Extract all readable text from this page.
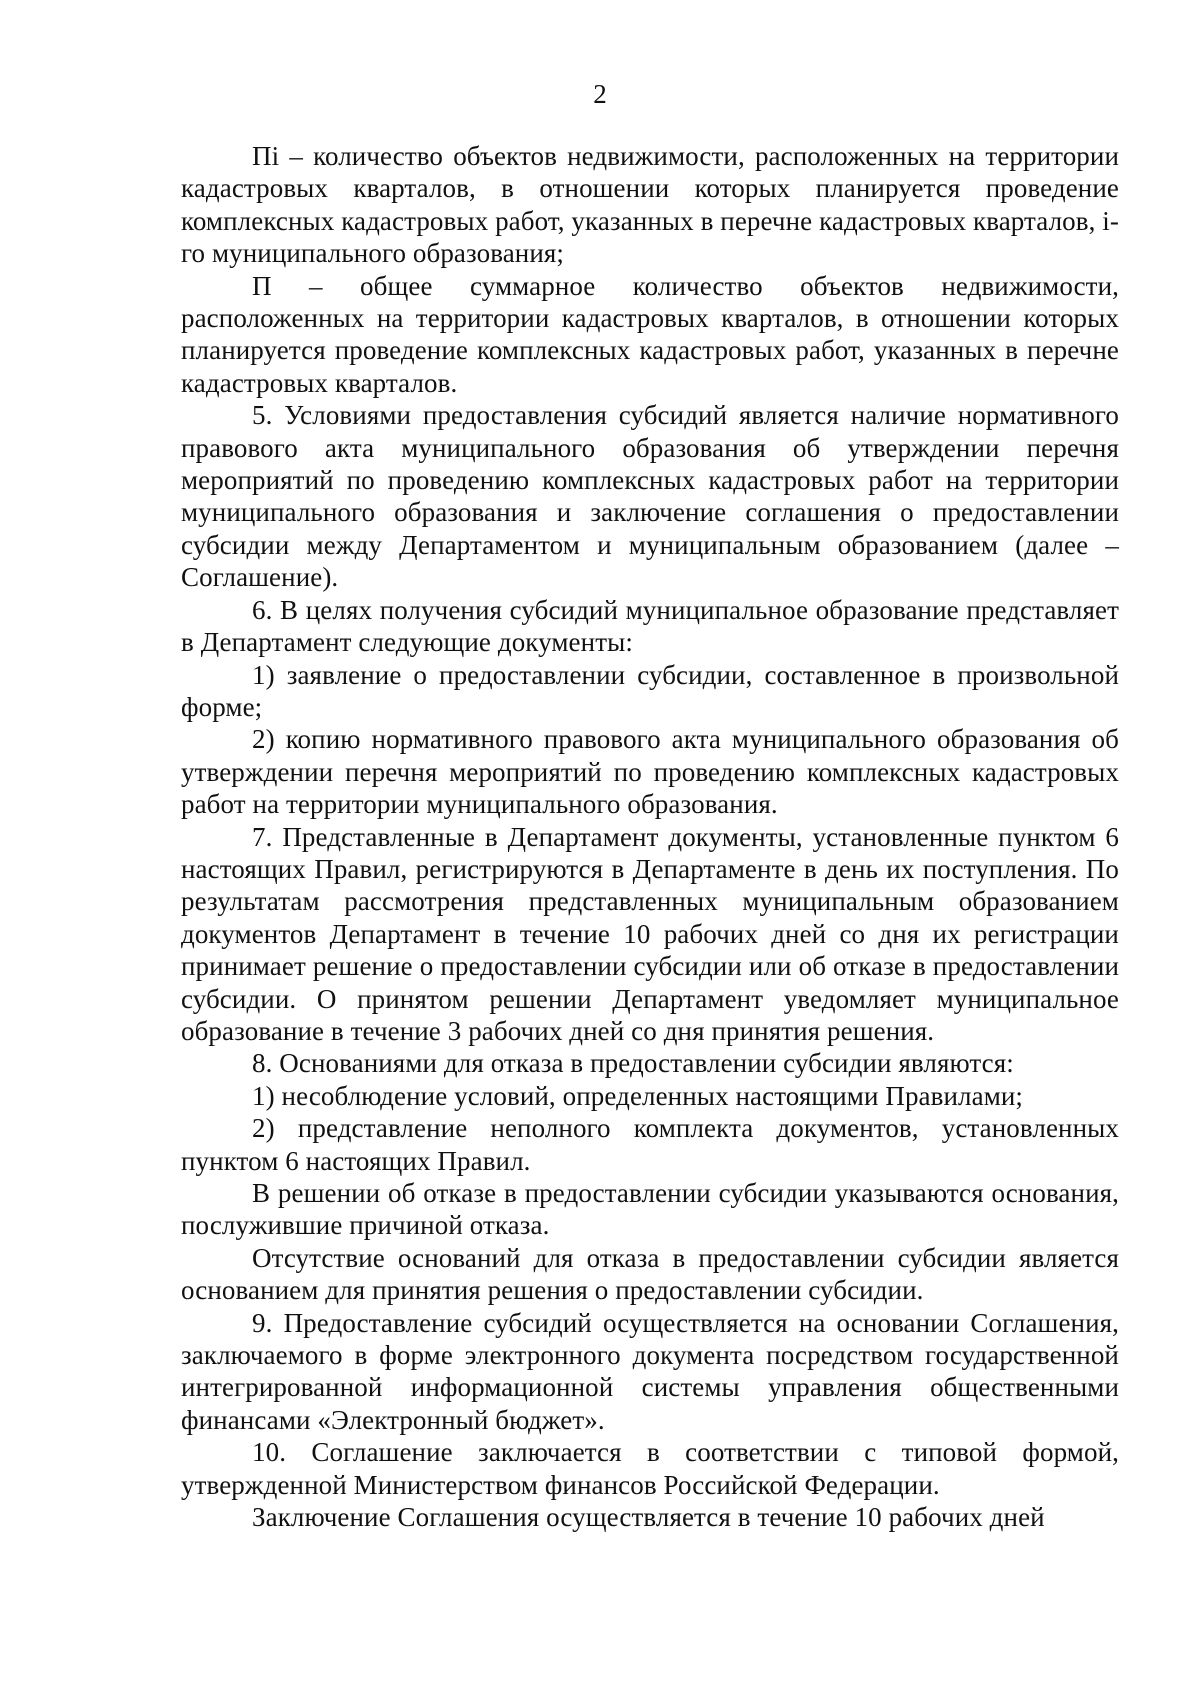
2

Пi – количество объектов недвижимости, расположенных на территории кадастровых кварталов, в отношении которых планируется проведение комплексных кадастровых работ, указанных в перечне кадастровых кварталов, i-го муниципального образования;

П – общее суммарное количество объектов недвижимости, расположенных на территории кадастровых кварталов, в отношении которых планируется проведение комплексных кадастровых работ, указанных в перечне кадастровых кварталов.

5. Условиями предоставления субсидий является наличие нормативного правового акта муниципального образования об утверждении перечня мероприятий по проведению комплексных кадастровых работ на территории муниципального образования и заключение соглашения о предоставлении субсидии между Департаментом и муниципальным образованием (далее – Соглашение).

6. В целях получения субсидий муниципальное образование представляет в Департамент следующие документы:

1) заявление о предоставлении субсидии, составленное в произвольной форме;

2) копию нормативного правового акта муниципального образования об утверждении перечня мероприятий по проведению комплексных кадастровых работ на территории муниципального образования.

7. Представленные в Департамент документы, установленные пунктом 6 настоящих Правил, регистрируются в Департаменте в день их поступления. По результатам рассмотрения представленных муниципальным образованием документов Департамент в течение 10 рабочих дней со дня их регистрации принимает решение о предоставлении субсидии или об отказе в предоставлении субсидии. О принятом решении Департамент уведомляет муниципальное образование в течение 3 рабочих дней со дня принятия решения.

8. Основаниями для отказа в предоставлении субсидии являются:

1) несоблюдение условий, определенных настоящими Правилами;

2) представление неполного комплекта документов, установленных пунктом 6 настоящих Правил.

В решении об отказе в предоставлении субсидии указываются основания, послужившие причиной отказа.

Отсутствие оснований для отказа в предоставлении субсидии является основанием для принятия решения о предоставлении субсидии.

9. Предоставление субсидий осуществляется на основании Соглашения, заключаемого в форме электронного документа посредством государственной интегрированной информационной системы управления общественными финансами «Электронный бюджет».

10. Соглашение заключается в соответствии с типовой формой, утвержденной Министерством финансов Российской Федерации.

Заключение Соглашения осуществляется в течение 10 рабочих дней
